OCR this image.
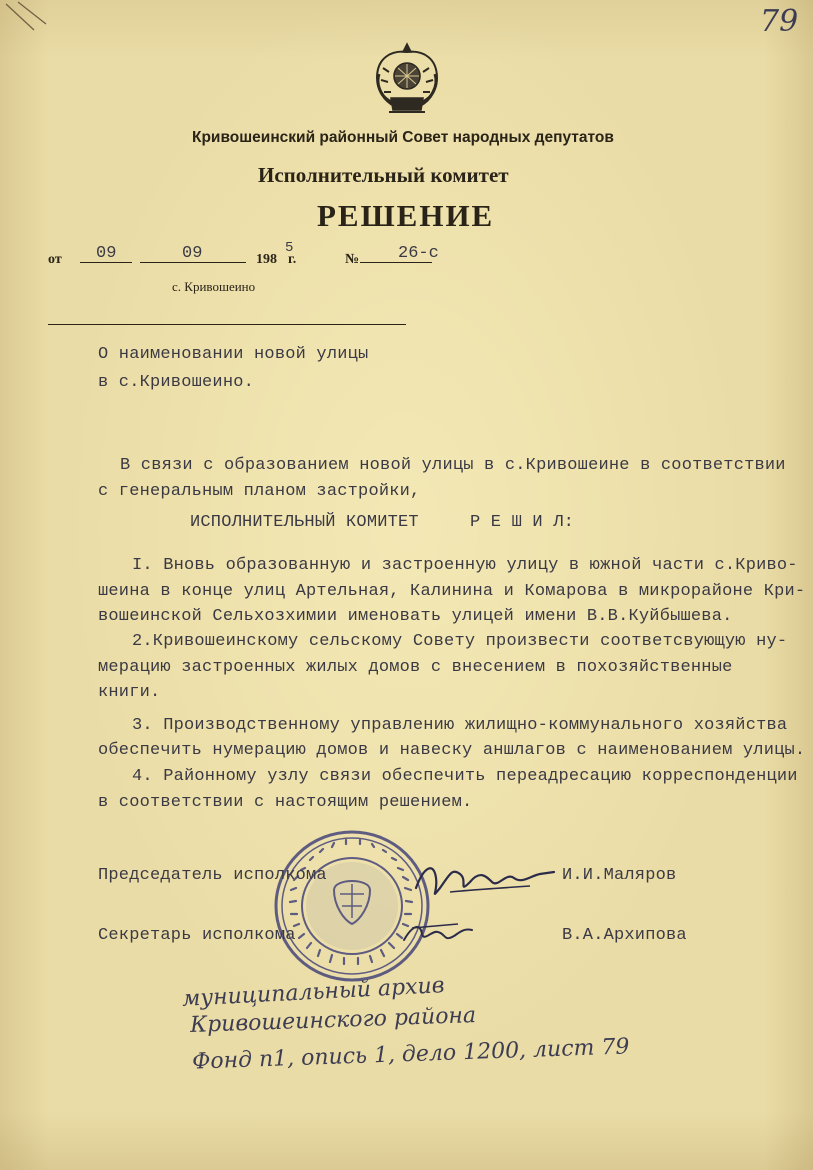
79
Кривошеинский районный Совет народных депутатов
Исполнительный комитет
РЕШЕНИЕ
от 09	09	198
5
г.	№ 26-с
с. Кривошеино
О наименовании новой улицы
в с.Кривошеино.
В связи с образованием новой улицы в с.Кривошеине в соответствии
с генеральным планом застройки,
ИСПОЛНИТЕЛЬНЫЙ КОМИТЕТ	Р Е Ш И Л:
I. Вновь образованную и застроенную улицу в южной части с.Криво-
шеина в конце улиц Артельная, Калинина и Комарова в микрорайоне Кри-
вошеинской Сельхозхимии именовать улицей имени В.В.Куйбышева.
2.Кривошеинскому сельскому Совету произвести соответсвующую ну-
мерацию застроенных жилых домов с внесением в похозяйственные
книги.
3. Производственному управлению жилищно-коммунального хозяйства
обеспечить нумерацию домов и навеску аншлагов с наименованием улицы.
4. Районному узлу связи обеспечить переадресацию корреспонденции
в соответствии с настоящим решением.
Председатель исполкома	И.И.Маляров
Секретарь исполкома	В.А.Архипова
муниципальный архив
Кривошеинского района
Фонд п1, опись 1, дело 1200, лист 79
